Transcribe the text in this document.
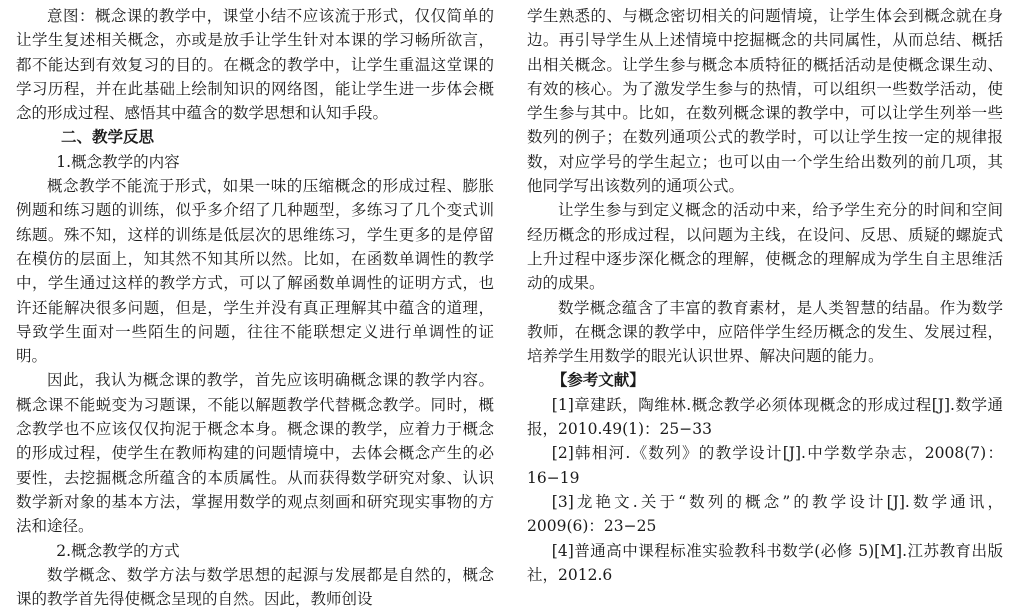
意图：概念课的教学中，课堂小结不应该流于形式，仅仅简单的让学生复述相关概念，亦或是放手让学生针对本课的学习畅所欲言，都不能达到有效复习的目的。在概念的教学中，让学生重温这堂课的学习历程，并在此基础上绘制知识的网络图，能让学生进一步体会概念的形成过程、感悟其中蕴含的数学思想和认知手段。

二、教学反思

1.概念教学的内容

概念教学不能流于形式，如果一味的压缩概念的形成过程、膨胀例题和练习题的训练，似乎多介绍了几种题型，多练习了几个变式训练题。殊不知，这样的训练是低层次的思维练习，学生更多的是停留在模仿的层面上，知其然不知其所以然。比如，在函数单调性的教学中，学生通过这样的教学方式，可以了解函数单调性的证明方式，也许还能解决很多问题，但是，学生并没有真正理解其中蕴含的道理，导致学生面对一些陌生的问题，往往不能联想定义进行单调性的证明。

因此，我认为概念课的教学，首先应该明确概念课的教学内容。概念课不能蜕变为习题课，不能以解题教学代替概念教学。同时，概念教学也不应该仅仅拘泥于概念本身。概念课的教学，应着力于概念的形成过程，使学生在教师构建的问题情境中，去体会概念产生的必要性，去挖掘概念所蕴含的本质属性。从而获得数学研究对象、认识数学新对象的基本方法，掌握用数学的观点刻画和研究现实事物的方法和途径。

2.概念教学的方式

数学概念、数学方法与数学思想的起源与发展都是自然的，概念课的教学首先得使概念呈现的自然。因此，教师创设

学生熟悉的、与概念密切相关的问题情境，让学生体会到概念就在身边。再引导学生从上述情境中挖掘概念的共同属性，从而总结、概括出相关概念。让学生参与概念本质特征的概括活动是使概念课生动、有效的核心。为了激发学生参与的热情，可以组织一些数学活动，使学生参与其中。比如，在数列概念课的教学中，可以让学生列举一些数列的例子；在数列通项公式的教学时，可以让学生按一定的规律报数，对应学号的学生起立；也可以由一个学生给出数列的前几项，其他同学写出该数列的通项公式。

让学生参与到定义概念的活动中来，给予学生充分的时间和空间经历概念的形成过程，以问题为主线，在设问、反思、质疑的螺旋式上升过程中逐步深化概念的理解，使概念的理解成为学生自主思维活动的成果。

数学概念蕴含了丰富的教育素材，是人类智慧的结晶。作为数学教师，在概念课的教学中，应陪伴学生经历概念的发生、发展过程，培养学生用数学的眼光认识世界、解决问题的能力。

【参考文献】

[1]章建跃，陶维林.概念教学必须体现概念的形成过程[J].数学通报，2010.49(1)：25−33

[2]韩相河.《数列》的教学设计[J].中学数学杂志，2008(7)：16−19

[3]龙艳文.关于“数列的概念”的教学设计[J].数学通讯，2009(6)：23−25

[4]普通高中课程标准实验教科书数学(必修 5)[M].江苏教育出版社，2012.6
